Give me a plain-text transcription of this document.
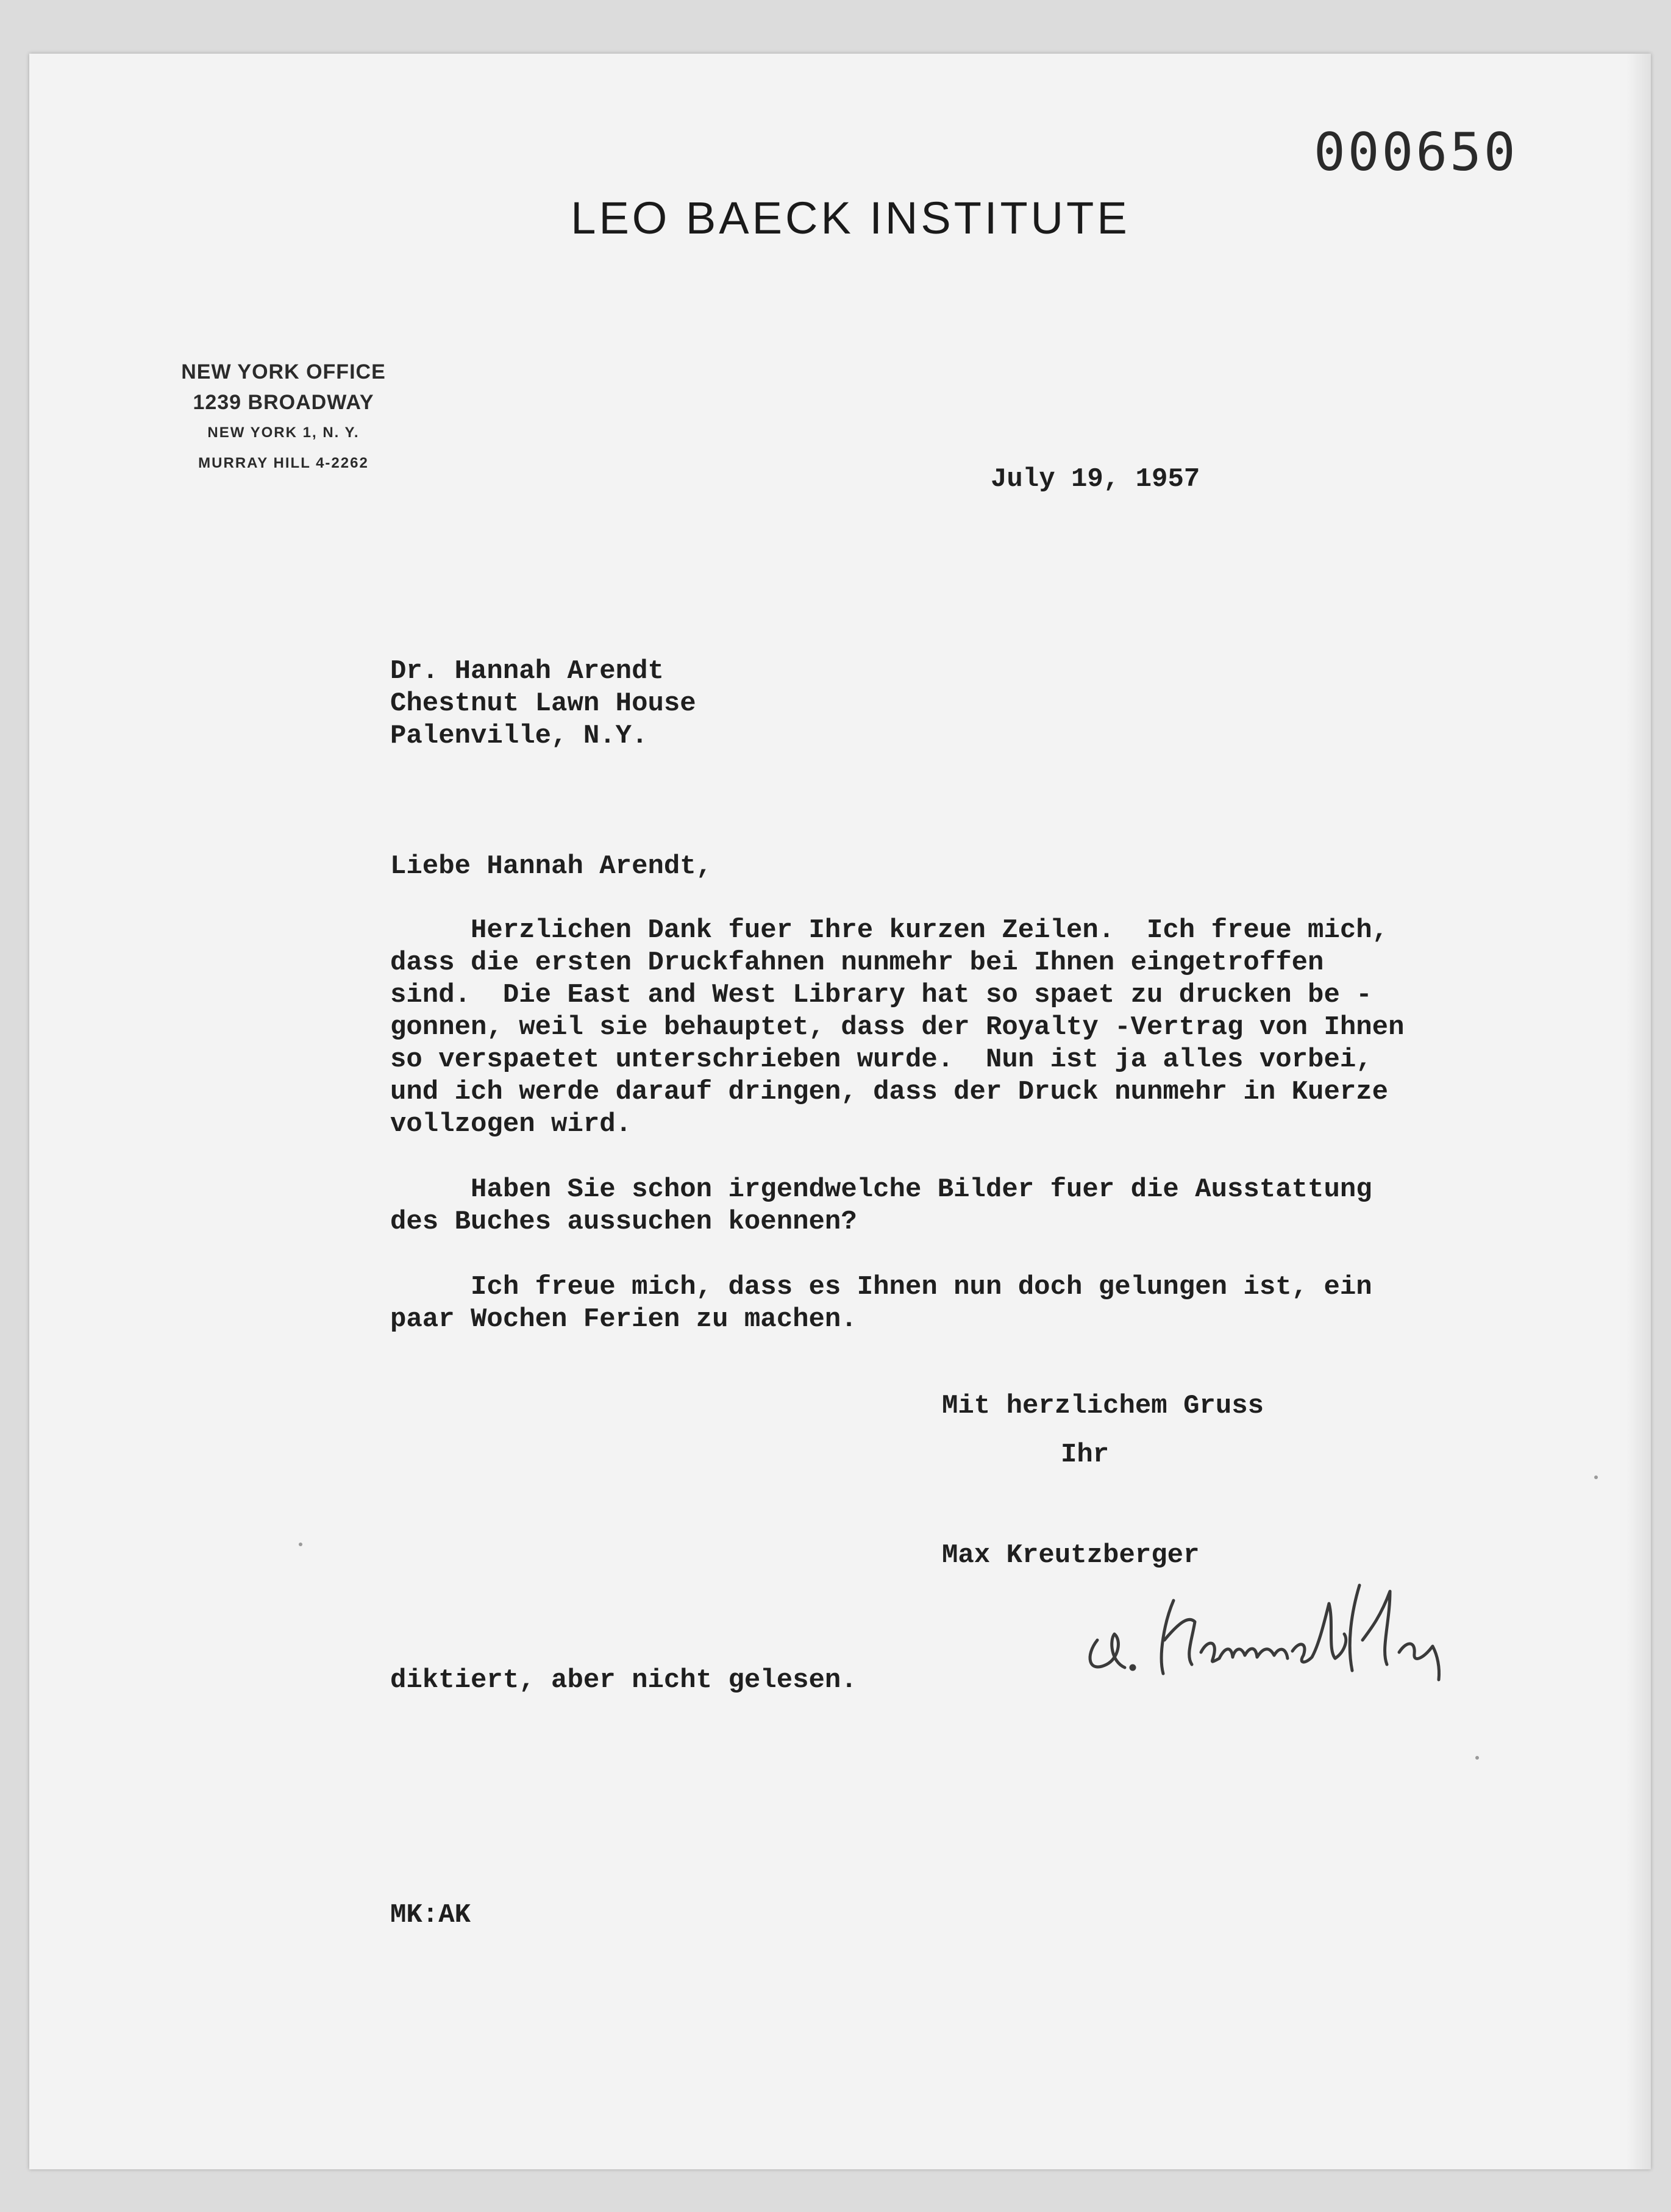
000650
LEO BAECK INSTITUTE
NEW YORK OFFICE
1239 BROADWAY
NEW YORK 1, N. Y.
MURRAY HILL 4-2262
July 19, 1957
Dr. Hannah Arendt
Chestnut Lawn House
Palenville, N.Y.
Liebe Hannah Arendt,
Herzlichen Dank fuer Ihre kurzen Zeilen.  Ich freue mich,
dass die ersten Druckfahnen nunmehr bei Ihnen eingetroffen
sind.  Die East and West Library hat so spaet zu drucken be -
gonnen, weil sie behauptet, dass der Royalty -Vertrag von Ihnen
so verspaetet unterschrieben wurde.  Nun ist ja alles vorbei,
und ich werde darauf dringen, dass der Druck nunmehr in Kuerze
vollzogen wird.
Haben Sie schon irgendwelche Bilder fuer die Ausstattung
des Buches aussuchen koennen?
Ich freue mich, dass es Ihnen nun doch gelungen ist, ein
paar Wochen Ferien zu machen.
Mit herzlichem Gruss
Ihr
Max Kreutzberger
diktiert, aber nicht gelesen.
MK:AK
